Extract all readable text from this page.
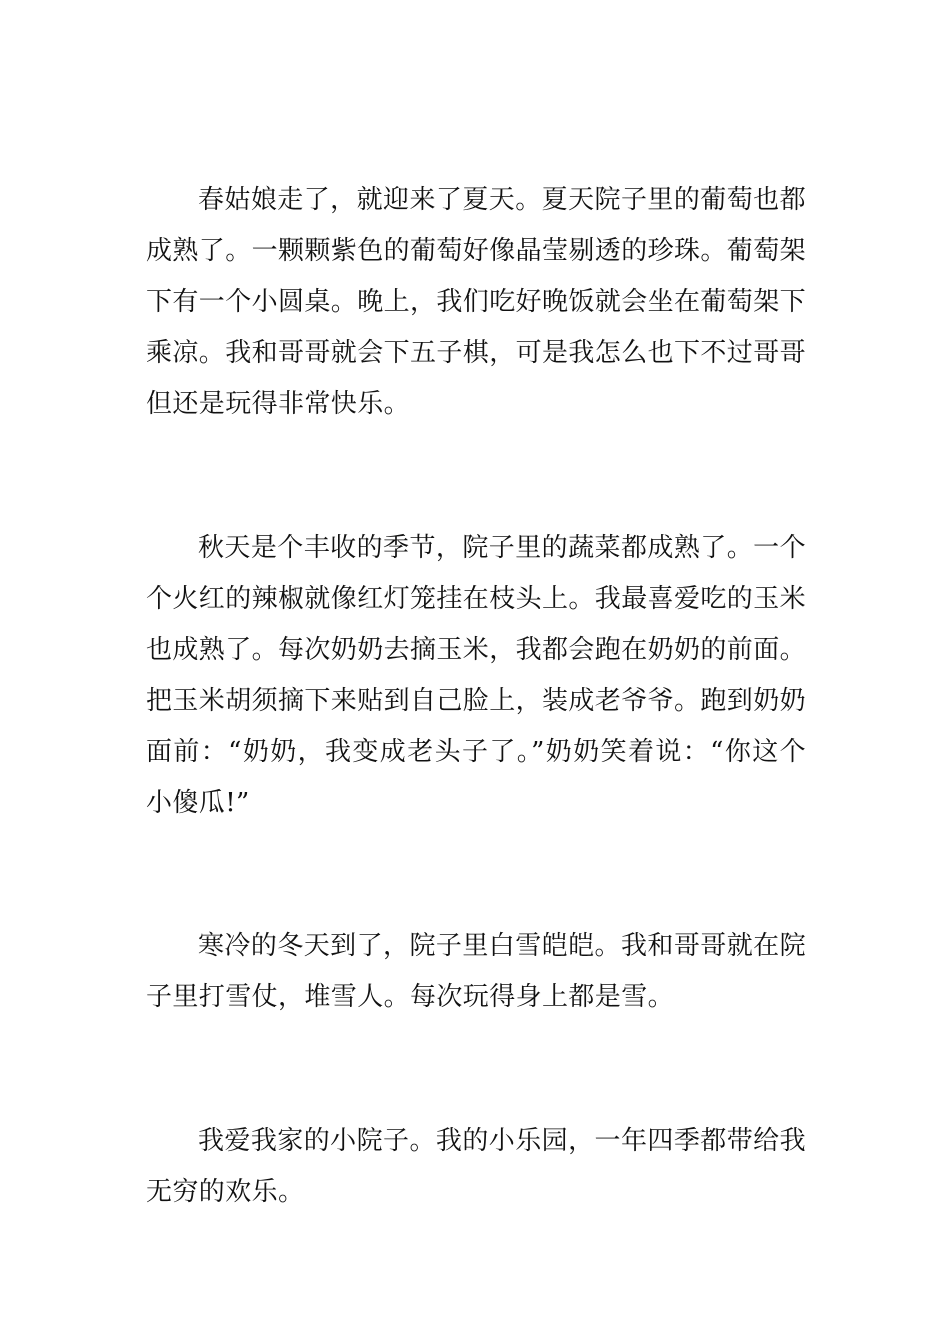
春姑娘走了，就迎来了夏天。夏天院子里的葡萄也都成熟了。一颗颗紫色的葡萄好像晶莹剔透的珍珠。葡萄架下有一个小圆桌。晚上，我们吃好晚饭就会坐在葡萄架下乘凉。我和哥哥就会下五子棋，可是我怎么也下不过哥哥但还是玩得非常快乐。

秋天是个丰收的季节，院子里的蔬菜都成熟了。一个个火红的辣椒就像红灯笼挂在枝头上。我最喜爱吃的玉米也成熟了。每次奶奶去摘玉米，我都会跑在奶奶的前面。把玉米胡须摘下来贴到自己脸上，装成老爷爷。跑到奶奶面前：“奶奶，我变成老头子了。”奶奶笑着说：“你这个小傻瓜!”

寒冷的冬天到了，院子里白雪皑皑。我和哥哥就在院子里打雪仗，堆雪人。每次玩得身上都是雪。

我爱我家的小院子。我的小乐园，一年四季都带给我无穷的欢乐。
